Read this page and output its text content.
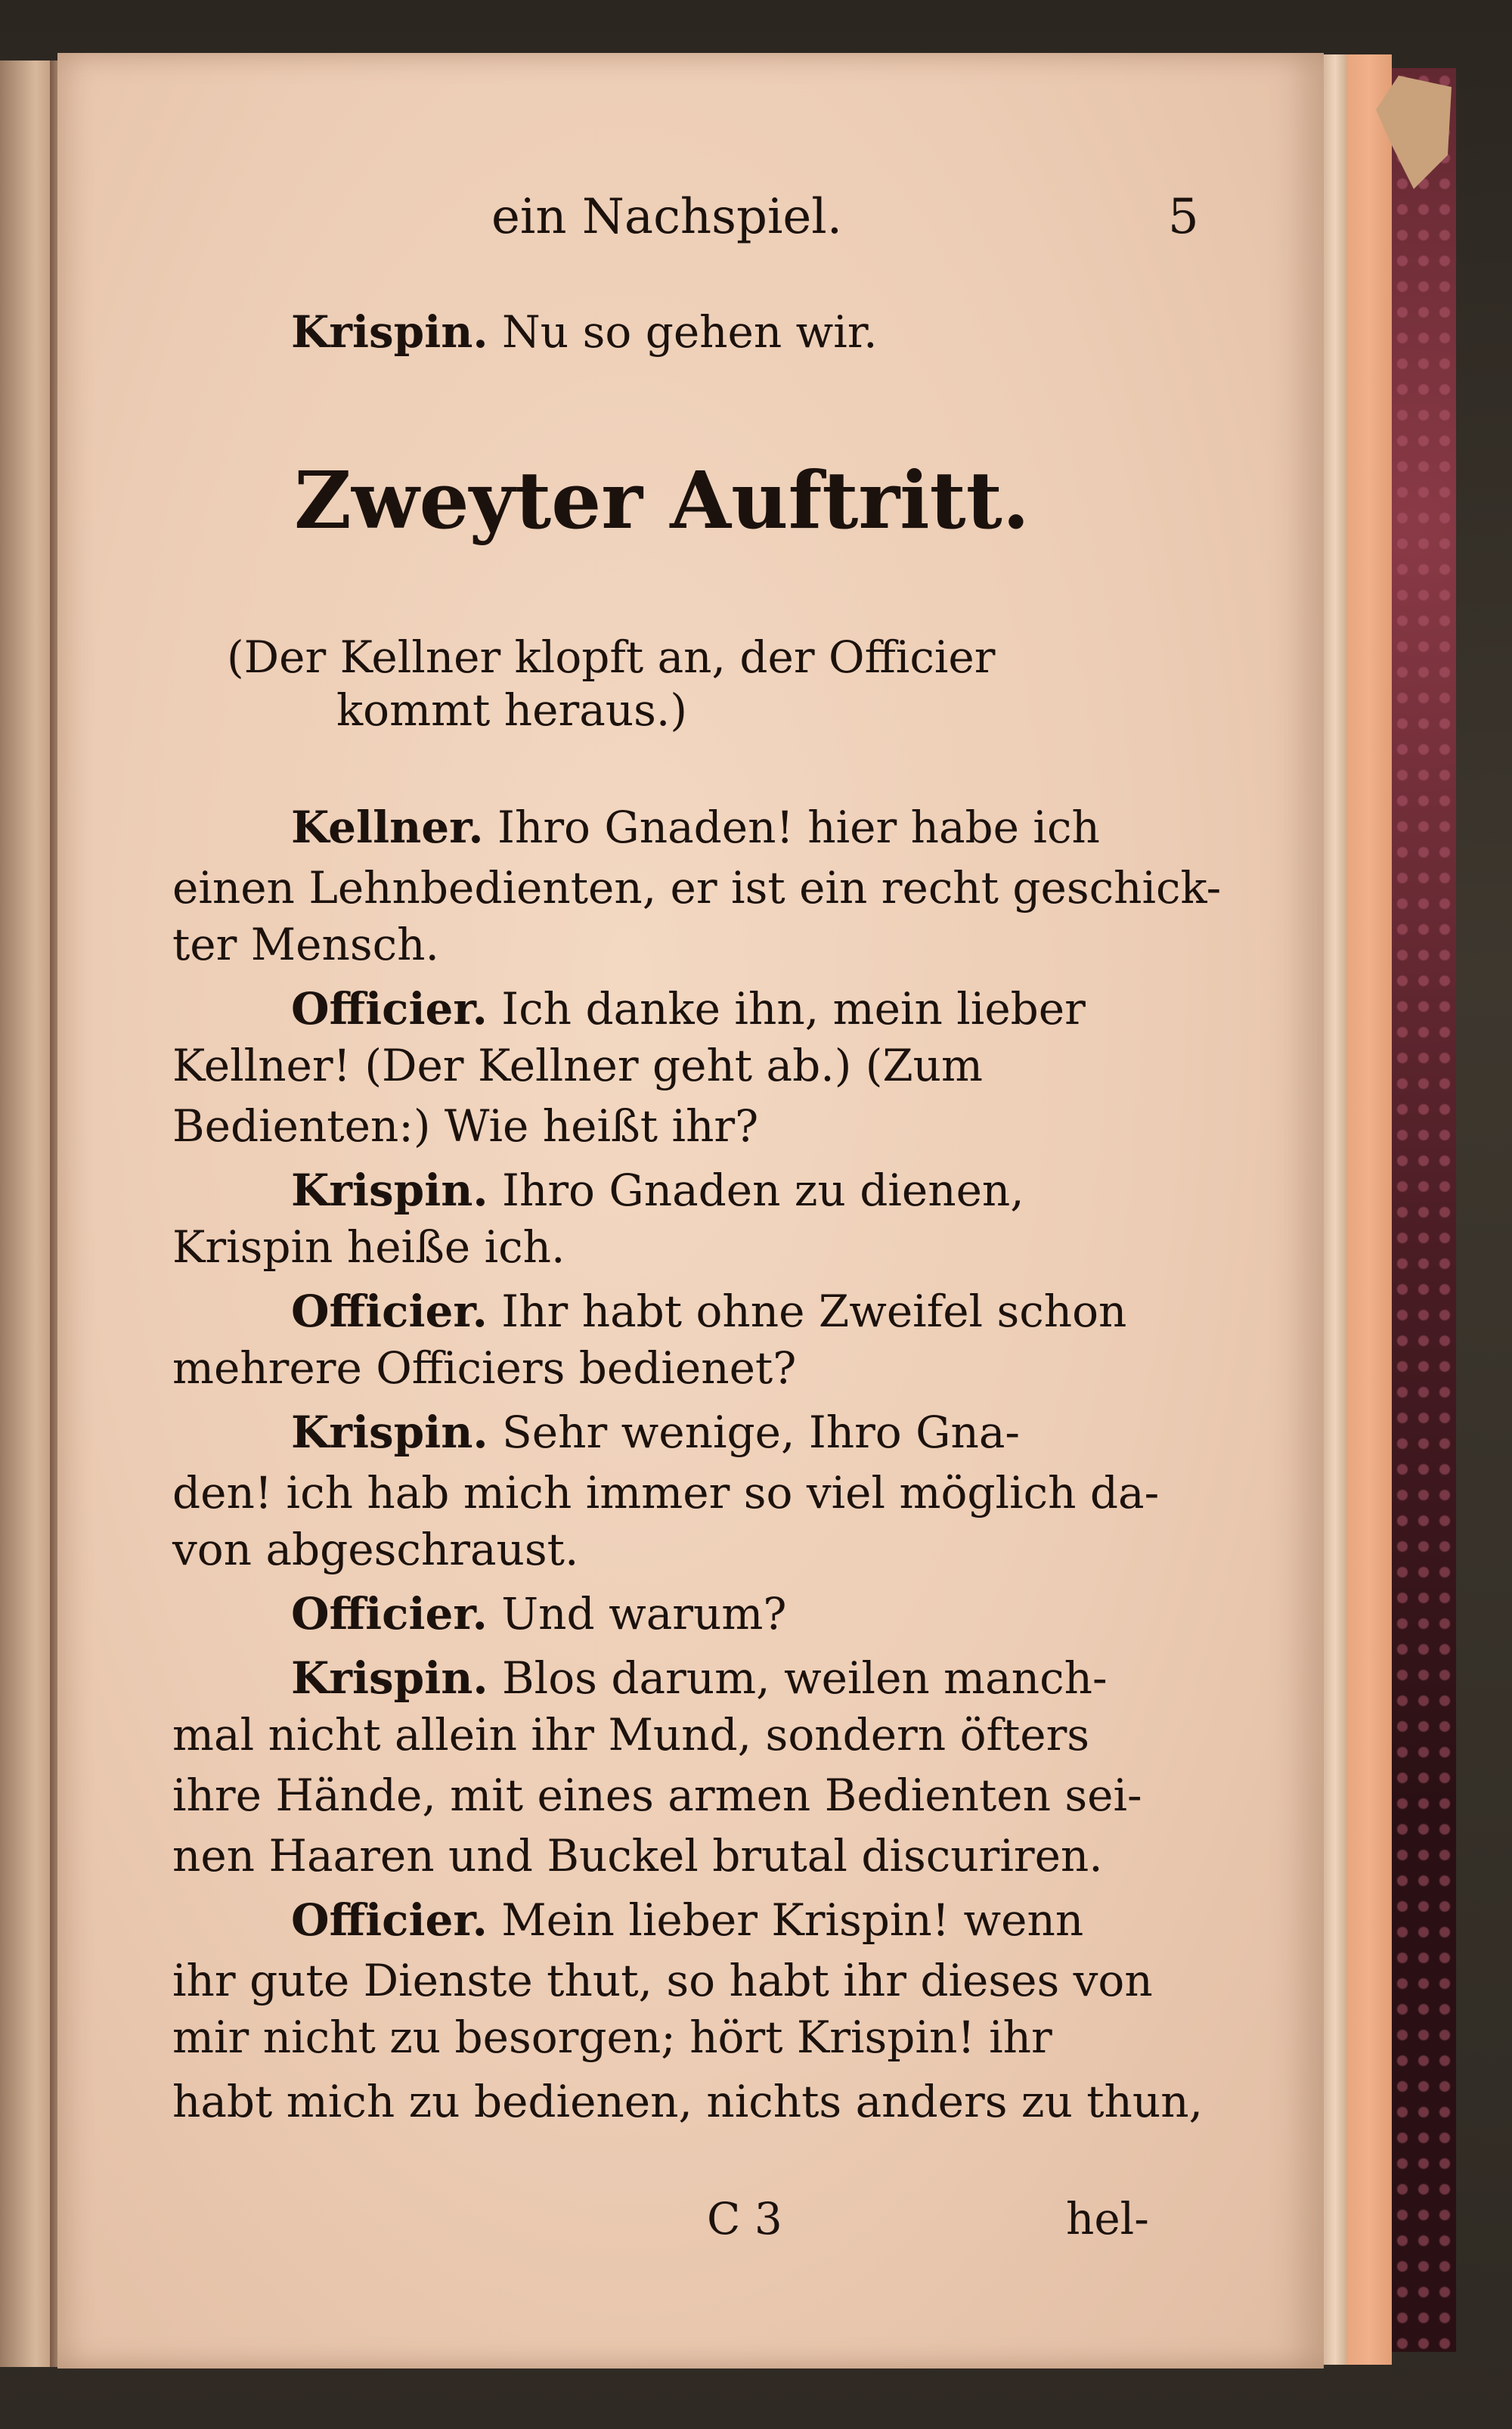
ein Nachspiel.	5

Zweyter Auftritt.

Krispin. Nu so gehen wir.

(Der Kellner klopft an, der Officier

kommt heraus.)

Kellner. Ihro Gnaden! hier habe ich

einen Lehnbedienten, er ist ein recht geschick-

ter Mensch.

Officier. Ich danke ihn, mein lieber

Kellner! (Der Kellner geht ab.) (Zum

Bedienten:) Wie heißt ihr?

Krispin. Ihro Gnaden zu dienen,

Krispin heiße ich.

Officier. Ihr habt ohne Zweifel schon

mehrere Officiers bedienet?

Krispin. Sehr wenige, Ihro Gna-

den! ich hab mich immer so viel möglich da-

von abgeschraust.

Officier. Und warum?

Krispin. Blos darum, weilen manch-

mal nicht allein ihr Mund, sondern öfters

ihre Hände, mit eines armen Bedienten sei-

nen Haaren und Buckel brutal discuriren.

Officier. Mein lieber Krispin! wenn

ihr gute Dienste thut, so habt ihr dieses von

mir nicht zu besorgen; hört Krispin! ihr

habt mich zu bedienen, nichts anders zu thun,

C 3	hel-
